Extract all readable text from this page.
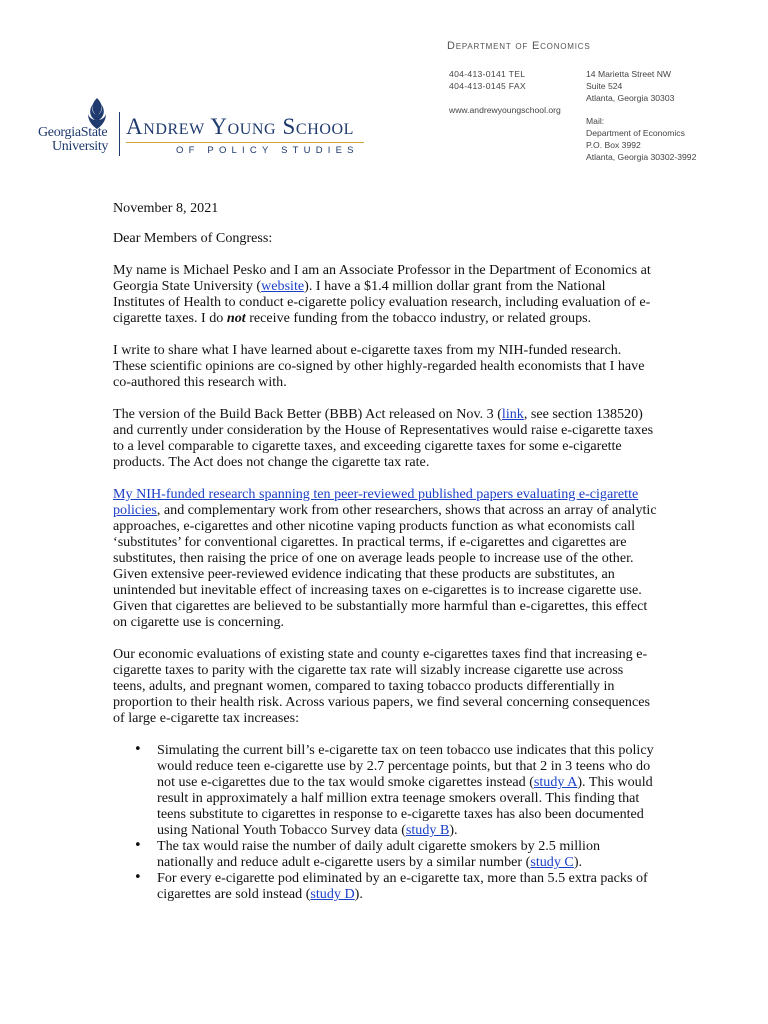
GeorgiaState
University
Andrew Young School
OF POLICY STUDIES
Department of Economics
404-413-0141 TEL
404-413-0145 FAX
www.andrewyoungschool.org
14 Marietta Street NW
Suite 524
Atlanta, Georgia 30303
Mail:
Department of Economics
P.O. Box 3992
Atlanta, Georgia 30302-3992

November 8, 2021

Dear Members of Congress:

My name is Michael Pesko and I am an Associate Professor in the Department of Economics at Georgia State University (website). I have a $1.4 million dollar grant from the National Institutes of Health to conduct e-cigarette policy evaluation research, including evaluation of e-cigarette taxes. I do not receive funding from the tobacco industry, or related groups.

I write to share what I have learned about e-cigarette taxes from my NIH-funded research. These scientific opinions are co-signed by other highly-regarded health economists that I have co-authored this research with.

The version of the Build Back Better (BBB) Act released on Nov. 3 (link, see section 138520) and currently under consideration by the House of Representatives would raise e-cigarette taxes to a level comparable to cigarette taxes, and exceeding cigarette taxes for some e-cigarette products. The Act does not change the cigarette tax rate.

My NIH-funded research spanning ten peer-reviewed published papers evaluating e-cigarette policies, and complementary work from other researchers, shows that across an array of analytic approaches, e-cigarettes and other nicotine vaping products function as what economists call ‘substitutes’ for conventional cigarettes. In practical terms, if e-cigarettes and cigarettes are substitutes, then raising the price of one on average leads people to increase use of the other. Given extensive peer-reviewed evidence indicating that these products are substitutes, an unintended but inevitable effect of increasing taxes on e-cigarettes is to increase cigarette use. Given that cigarettes are believed to be substantially more harmful than e-cigarettes, this effect on cigarette use is concerning.

Our economic evaluations of existing state and county e-cigarettes taxes find that increasing e-cigarette taxes to parity with the cigarette tax rate will sizably increase cigarette use across teens, adults, and pregnant women, compared to taxing tobacco products differentially in proportion to their health risk. Across various papers, we find several concerning consequences of large e-cigarette tax increases:

• Simulating the current bill’s e-cigarette tax on teen tobacco use indicates that this policy would reduce teen e-cigarette use by 2.7 percentage points, but that 2 in 3 teens who do not use e-cigarettes due to the tax would smoke cigarettes instead (study A). This would result in approximately a half million extra teenage smokers overall. This finding that teens substitute to cigarettes in response to e-cigarette taxes has also been documented using National Youth Tobacco Survey data (study B).
• The tax would raise the number of daily adult cigarette smokers by 2.5 million nationally and reduce adult e-cigarette users by a similar number (study C).
• For every e-cigarette pod eliminated by an e-cigarette tax, more than 5.5 extra packs of cigarettes are sold instead (study D).
